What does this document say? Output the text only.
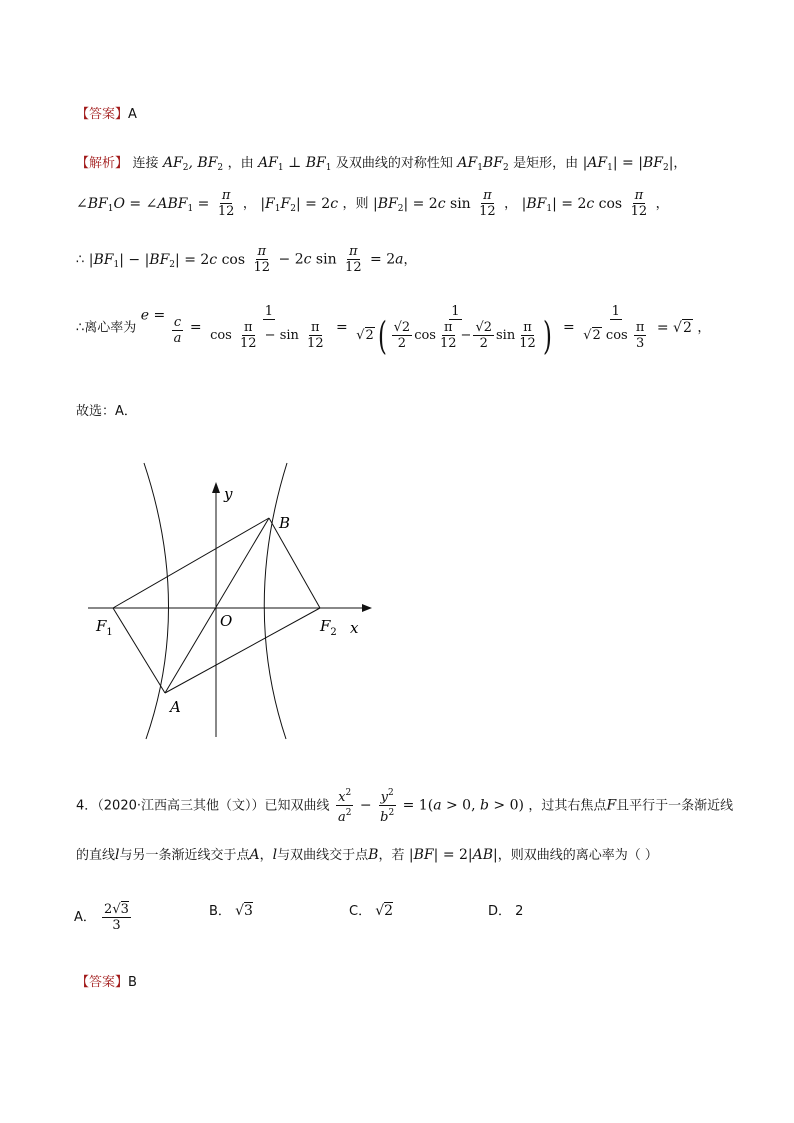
【答案】A
【解析】 连接 $AF_2$, $BF_2$ ，由 $AF_1$ ⊥ $BF_1$ 及双曲线的对称性知 $AF_1BF_2$ 是矩形，由 $|AF_1| = |BF_2|$，
$\angle BF_1O$ = $\angle ABF_1 = \frac{\pi}{12}$ ， $|F_1F_2| = 2c$ ，则 $|BF_2| = 2c$ $\sin \frac{\pi}{12}$ ， $|BF_1| = 2c$ $\cos \frac{\pi}{12}$ ，
∴ $|BF_1| - |BF_2| = 2c$ $\cos \frac{\pi}{12} - 2c$ $\sin \frac{\pi}{12} = 2a$，
∴离心率为 $e = \frac{c}{a} = \frac{1}{\cos \frac{\pi}{12} - \sin \frac{\pi}{12}} = \frac{1}{√2 ( \frac{√2}{2} \cos \frac{\pi}{12} - \frac{√2}{2} \sin \frac{\pi}{12} )} = \frac{1}{√2 \cos \frac{\pi}{3}} = √2$ ，
故选：A．
y
x
O
B
A
$F_1$	$F_2$
4．（2020·江西高三其他（文））已知双曲线 $\frac{x^2}{a^2} - \frac{y^2}{b^2} = 1(a > 0$, b > 0) ，过其右焦点F且平行于一条渐近线
的直线l与另一条渐近线交于点A，l与双曲线交于点B，若 |BF| = 2|AB|，则双曲线的离心率为（ ）
A． $\frac{2√3}{3}$	B． √3	C． √2	D． 2
【答案】B
